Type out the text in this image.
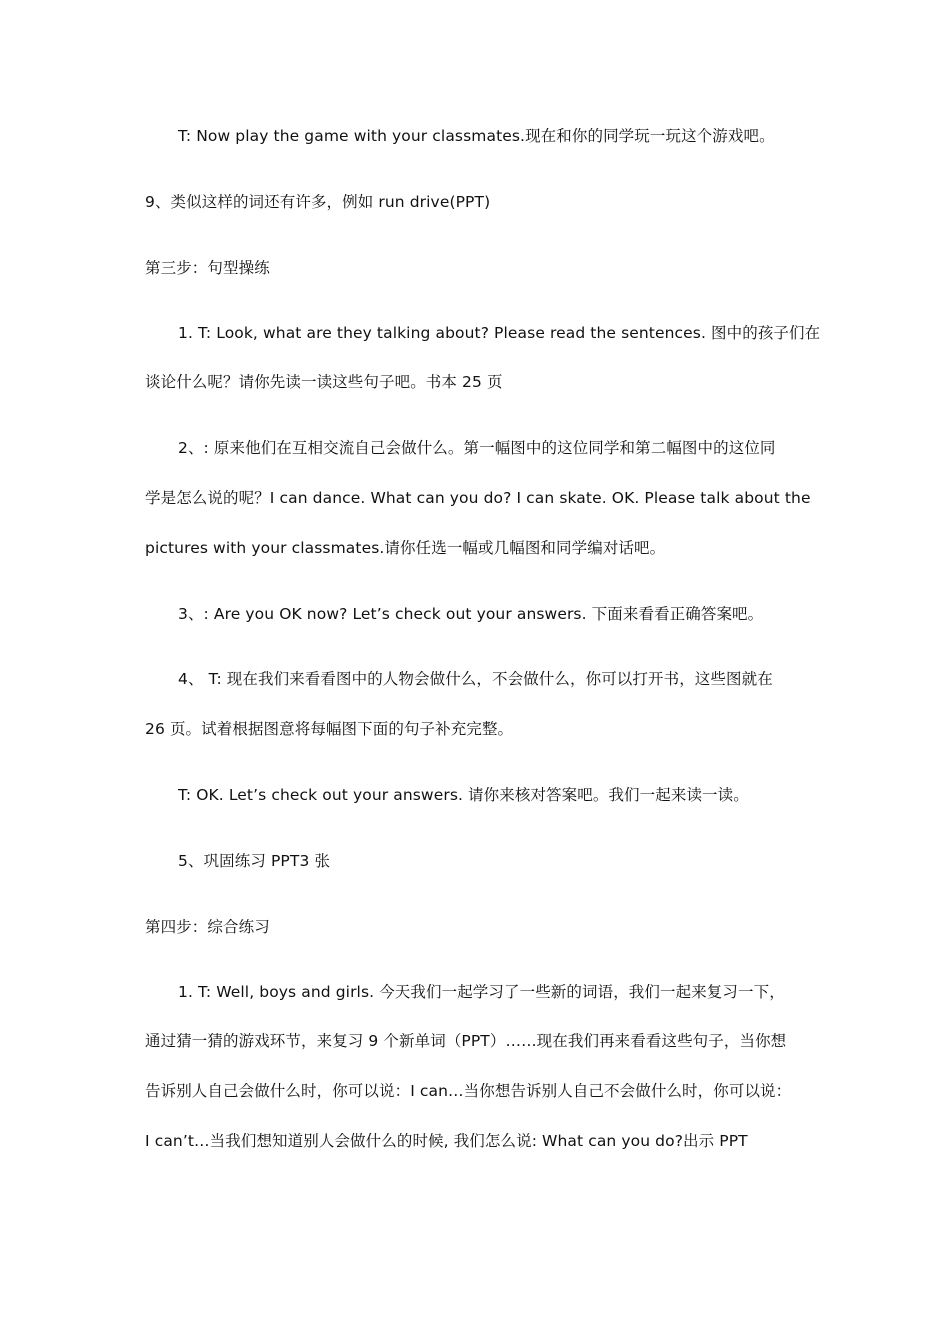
T: Now play the game with your classmates.现在和你的同学玩一玩这个游戏吧。
9、类似这样的词还有许多，例如 run drive(PPT)
第三步：句型操练
1. T: Look, what are they talking about? Please read the sentences. 图中的孩子们在
谈论什么呢？请你先读一读这些句子吧。书本 25 页
2、: 原来他们在互相交流自己会做什么。第一幅图中的这位同学和第二幅图中的这位同
学是怎么说的呢？I can dance. What can you do? I can skate. OK. Please talk about the
pictures with your classmates.请你任选一幅或几幅图和同学编对话吧。
3、: Are you OK now? Let’s check out your answers. 下面来看看正确答案吧。
4、 T: 现在我们来看看图中的人物会做什么，不会做什么，你可以打开书，这些图就在
26 页。试着根据图意将每幅图下面的句子补充完整。
T: OK. Let’s check out your answers. 请你来核对答案吧。我们一起来读一读。
5、巩固练习 PPT3 张
第四步：综合练习
1. T: Well, boys and girls. 今天我们一起学习了一些新的词语，我们一起来复习一下，
通过猜一猜的游戏环节，来复习 9 个新单词（PPT）……现在我们再来看看这些句子，当你想
告诉别人自己会做什么时，你可以说：I can…当你想告诉别人自己不会做什么时，你可以说：
I can’t…当我们想知道别人会做什么的时候, 我们怎么说: What can you do?出示 PPT
